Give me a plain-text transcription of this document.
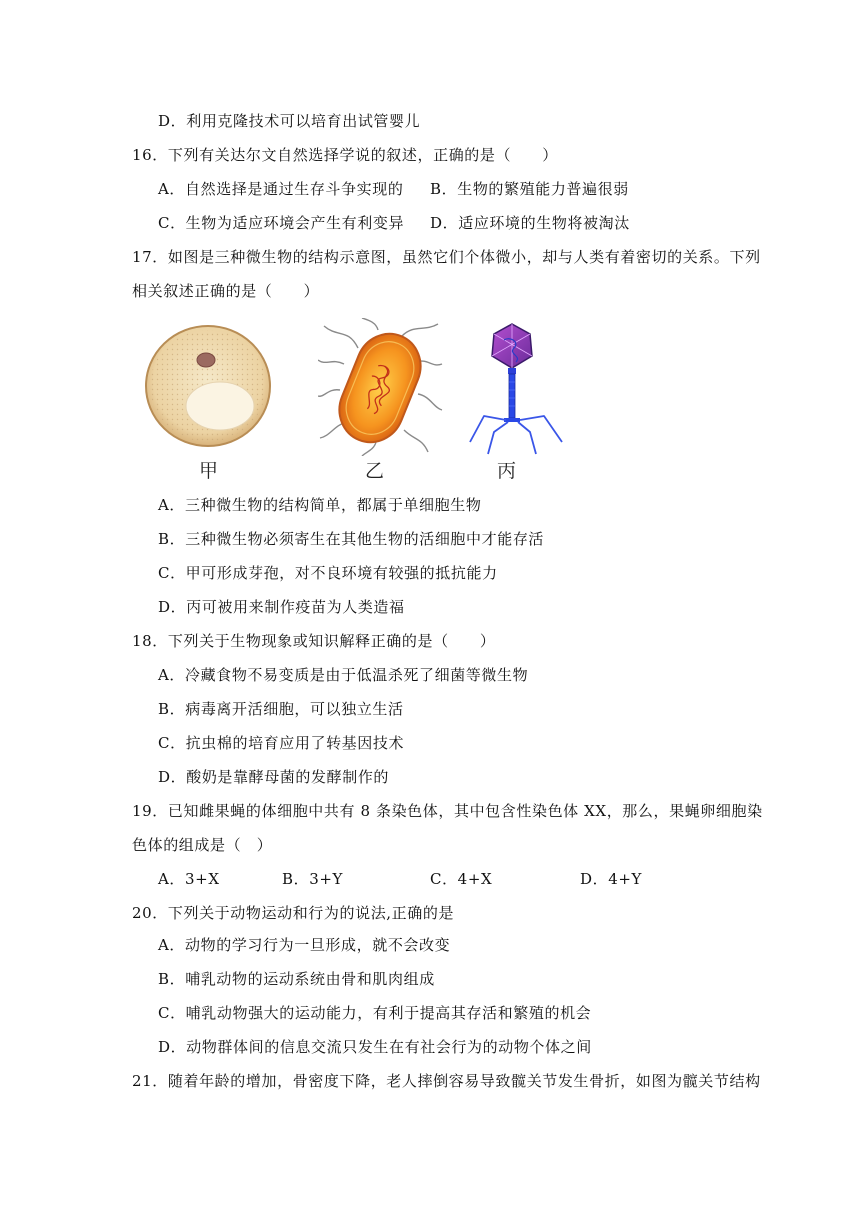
D．利用克隆技术可以培育出试管婴儿
16．下列有关达尔文自然选择学说的叙述，正确的是（　　）
A．自然选择是通过生存斗争实现的 B．生物的繁殖能力普遍很弱
C．生物为适应环境会产生有利变异 D．适应环境的生物将被淘汰
17．如图是三种微生物的结构示意图，虽然它们个体微小，却与人类有着密切的关系。下列
相关叙述正确的是（　　）
甲	乙	丙
A．三种微生物的结构简单，都属于单细胞生物
B．三种微生物必须寄生在其他生物的活细胞中才能存活
C．甲可形成芽孢，对不良环境有较强的抵抗能力
D．丙可被用来制作疫苗为人类造福
18．下列关于生物现象或知识解释正确的是（　　）
A．冷藏食物不易变质是由于低温杀死了细菌等微生物
B．病毒离开活细胞，可以独立生活
C．抗虫棉的培育应用了转基因技术
D．酸奶是靠酵母菌的发酵制作的
19．已知雌果蝇的体细胞中共有 8 条染色体，其中包含性染色体 XX，那么，果蝇卵细胞染
色体的组成是（　）
A．3+X	B．3+Y	C．4+X	D．4+Y
20．下列关于动物运动和行为的说法,正确的是
A．动物的学习行为一旦形成，就不会改变
B．哺乳动物的运动系统由骨和肌肉组成
C．哺乳动物强大的运动能力，有利于提高其存活和繁殖的机会
D．动物群体间的信息交流只发生在有社会行为的动物个体之间
21．随着年龄的增加，骨密度下降，老人摔倒容易导致髋关节发生骨折，如图为髋关节结构
